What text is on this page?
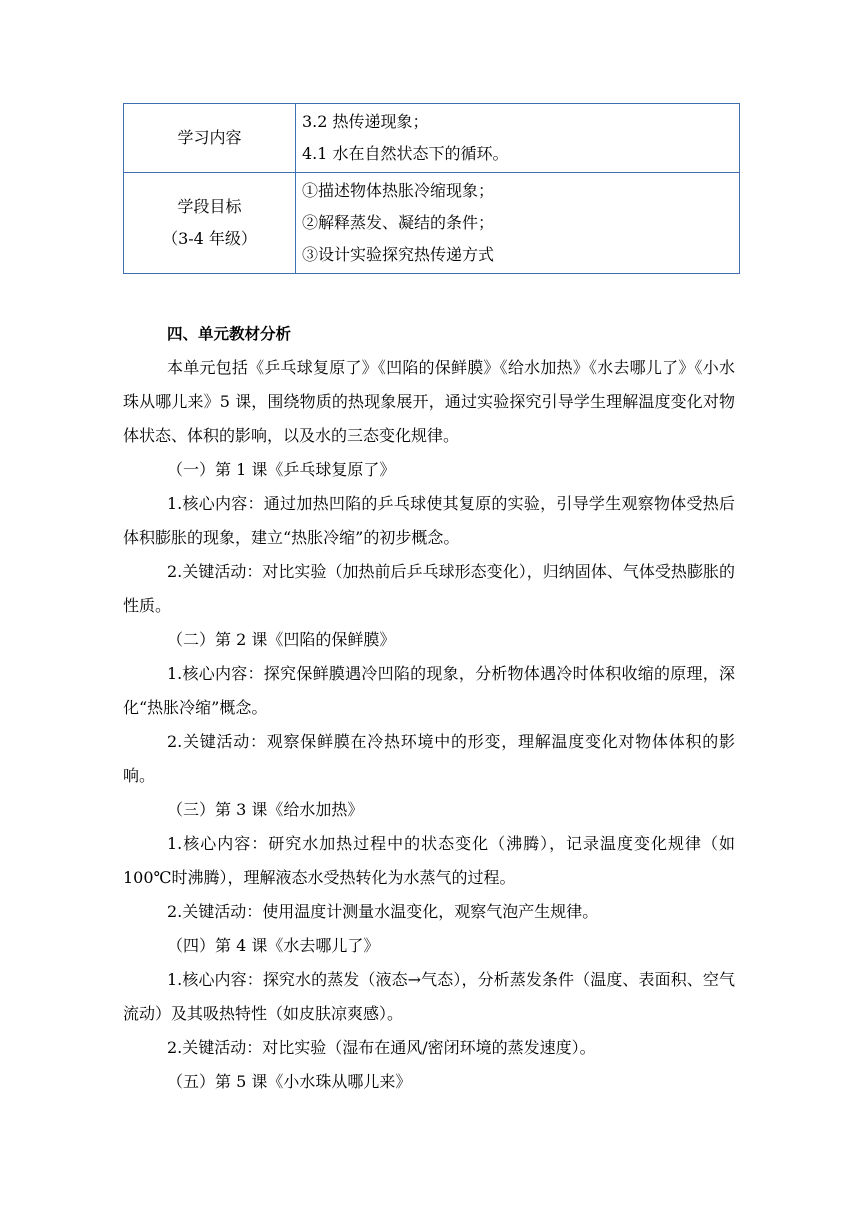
学习内容	3.2 热传递现象；
4.1 水在自然状态下的循环。

学段目标
（3-4 年级）	①描述物体热胀冷缩现象；
②解释蒸发、凝结的条件；
③设计实验探究热传递方式

四、单元教材分析

本单元包括《乒乓球复原了》《凹陷的保鲜膜》《给水加热》《水去哪儿了》《小水珠从哪儿来》5 课，围绕物质的热现象展开，通过实验探究引导学生理解温度变化对物体状态、体积的影响，以及水的三态变化规律。

（一）第 1 课《乒乓球复原了》

1.核心内容：通过加热凹陷的乒乓球使其复原的实验，引导学生观察物体受热后体积膨胀的现象，建立“热胀冷缩”的初步概念。

2.关键活动：对比实验（加热前后乒乓球形态变化），归纳固体、气体受热膨胀的性质。

（二）第 2 课《凹陷的保鲜膜》

1.核心内容：探究保鲜膜遇冷凹陷的现象，分析物体遇冷时体积收缩的原理，深化“热胀冷缩”概念。

2.关键活动：观察保鲜膜在冷热环境中的形变，理解温度变化对物体体积的影响。

（三）第 3 课《给水加热》

1.核心内容：研究水加热过程中的状态变化（沸腾），记录温度变化规律（如 100℃时沸腾），理解液态水受热转化为水蒸气的过程。

2.关键活动：使用温度计测量水温变化，观察气泡产生规律。

（四）第 4 课《水去哪儿了》

1.核心内容：探究水的蒸发（液态→气态），分析蒸发条件（温度、表面积、空气流动）及其吸热特性（如皮肤凉爽感）。

2.关键活动：对比实验（湿布在通风/密闭环境的蒸发速度）。

（五）第 5 课《小水珠从哪儿来》
